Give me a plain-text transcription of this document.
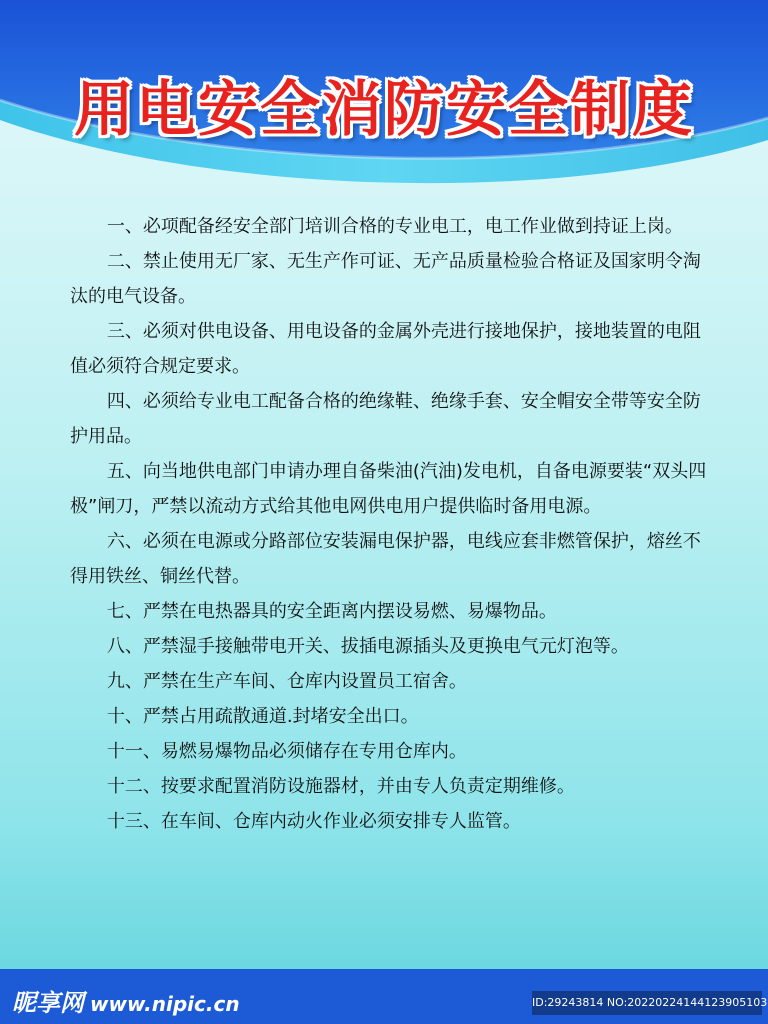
用电安全消防安全制度

一、必项配备经安全部门培训合格的专业电工，电工作业做到持证上岗。

二、禁止使用无厂家、无生产作可证、无产品质量检验合格证及国家明令淘汰的电气设备。

三、必须对供电设备、用电设备的金属外壳进行接地保护，接地装置的电阻值必须符合规定要求。

四、必须给专业电工配备合格的绝缘鞋、绝缘手套、安全帽安全带等安全防护用品。

五、向当地供电部门申请办理自备柴油(汽油)发电机，自备电源要装“双头四极”闸刀，严禁以流动方式给其他电网供电用户提供临时备用电源。

六、必须在电源或分路部位安装漏电保护器，电线应套非燃管保护，熔丝不得用铁丝、铜丝代替。

七、严禁在电热器具的安全距离内摆设易燃、易爆物品。

八、严禁湿手接触带电开关、拔插电源插头及更换电气元灯泡等。

九、严禁在生产车间、仓库内设置员工宿舍。

十、严禁占用疏散通道.封堵安全出口。

十一、易燃易爆物品必须储存在专用仓库内。

十二、按要求配置消防设施器材，并由专人负责定期维修。

十三、在车间、仓库内动火作业必须安排专人监管。

昵享网 www.nipic.cn	ID:29243814 NO:20220224144123905103
